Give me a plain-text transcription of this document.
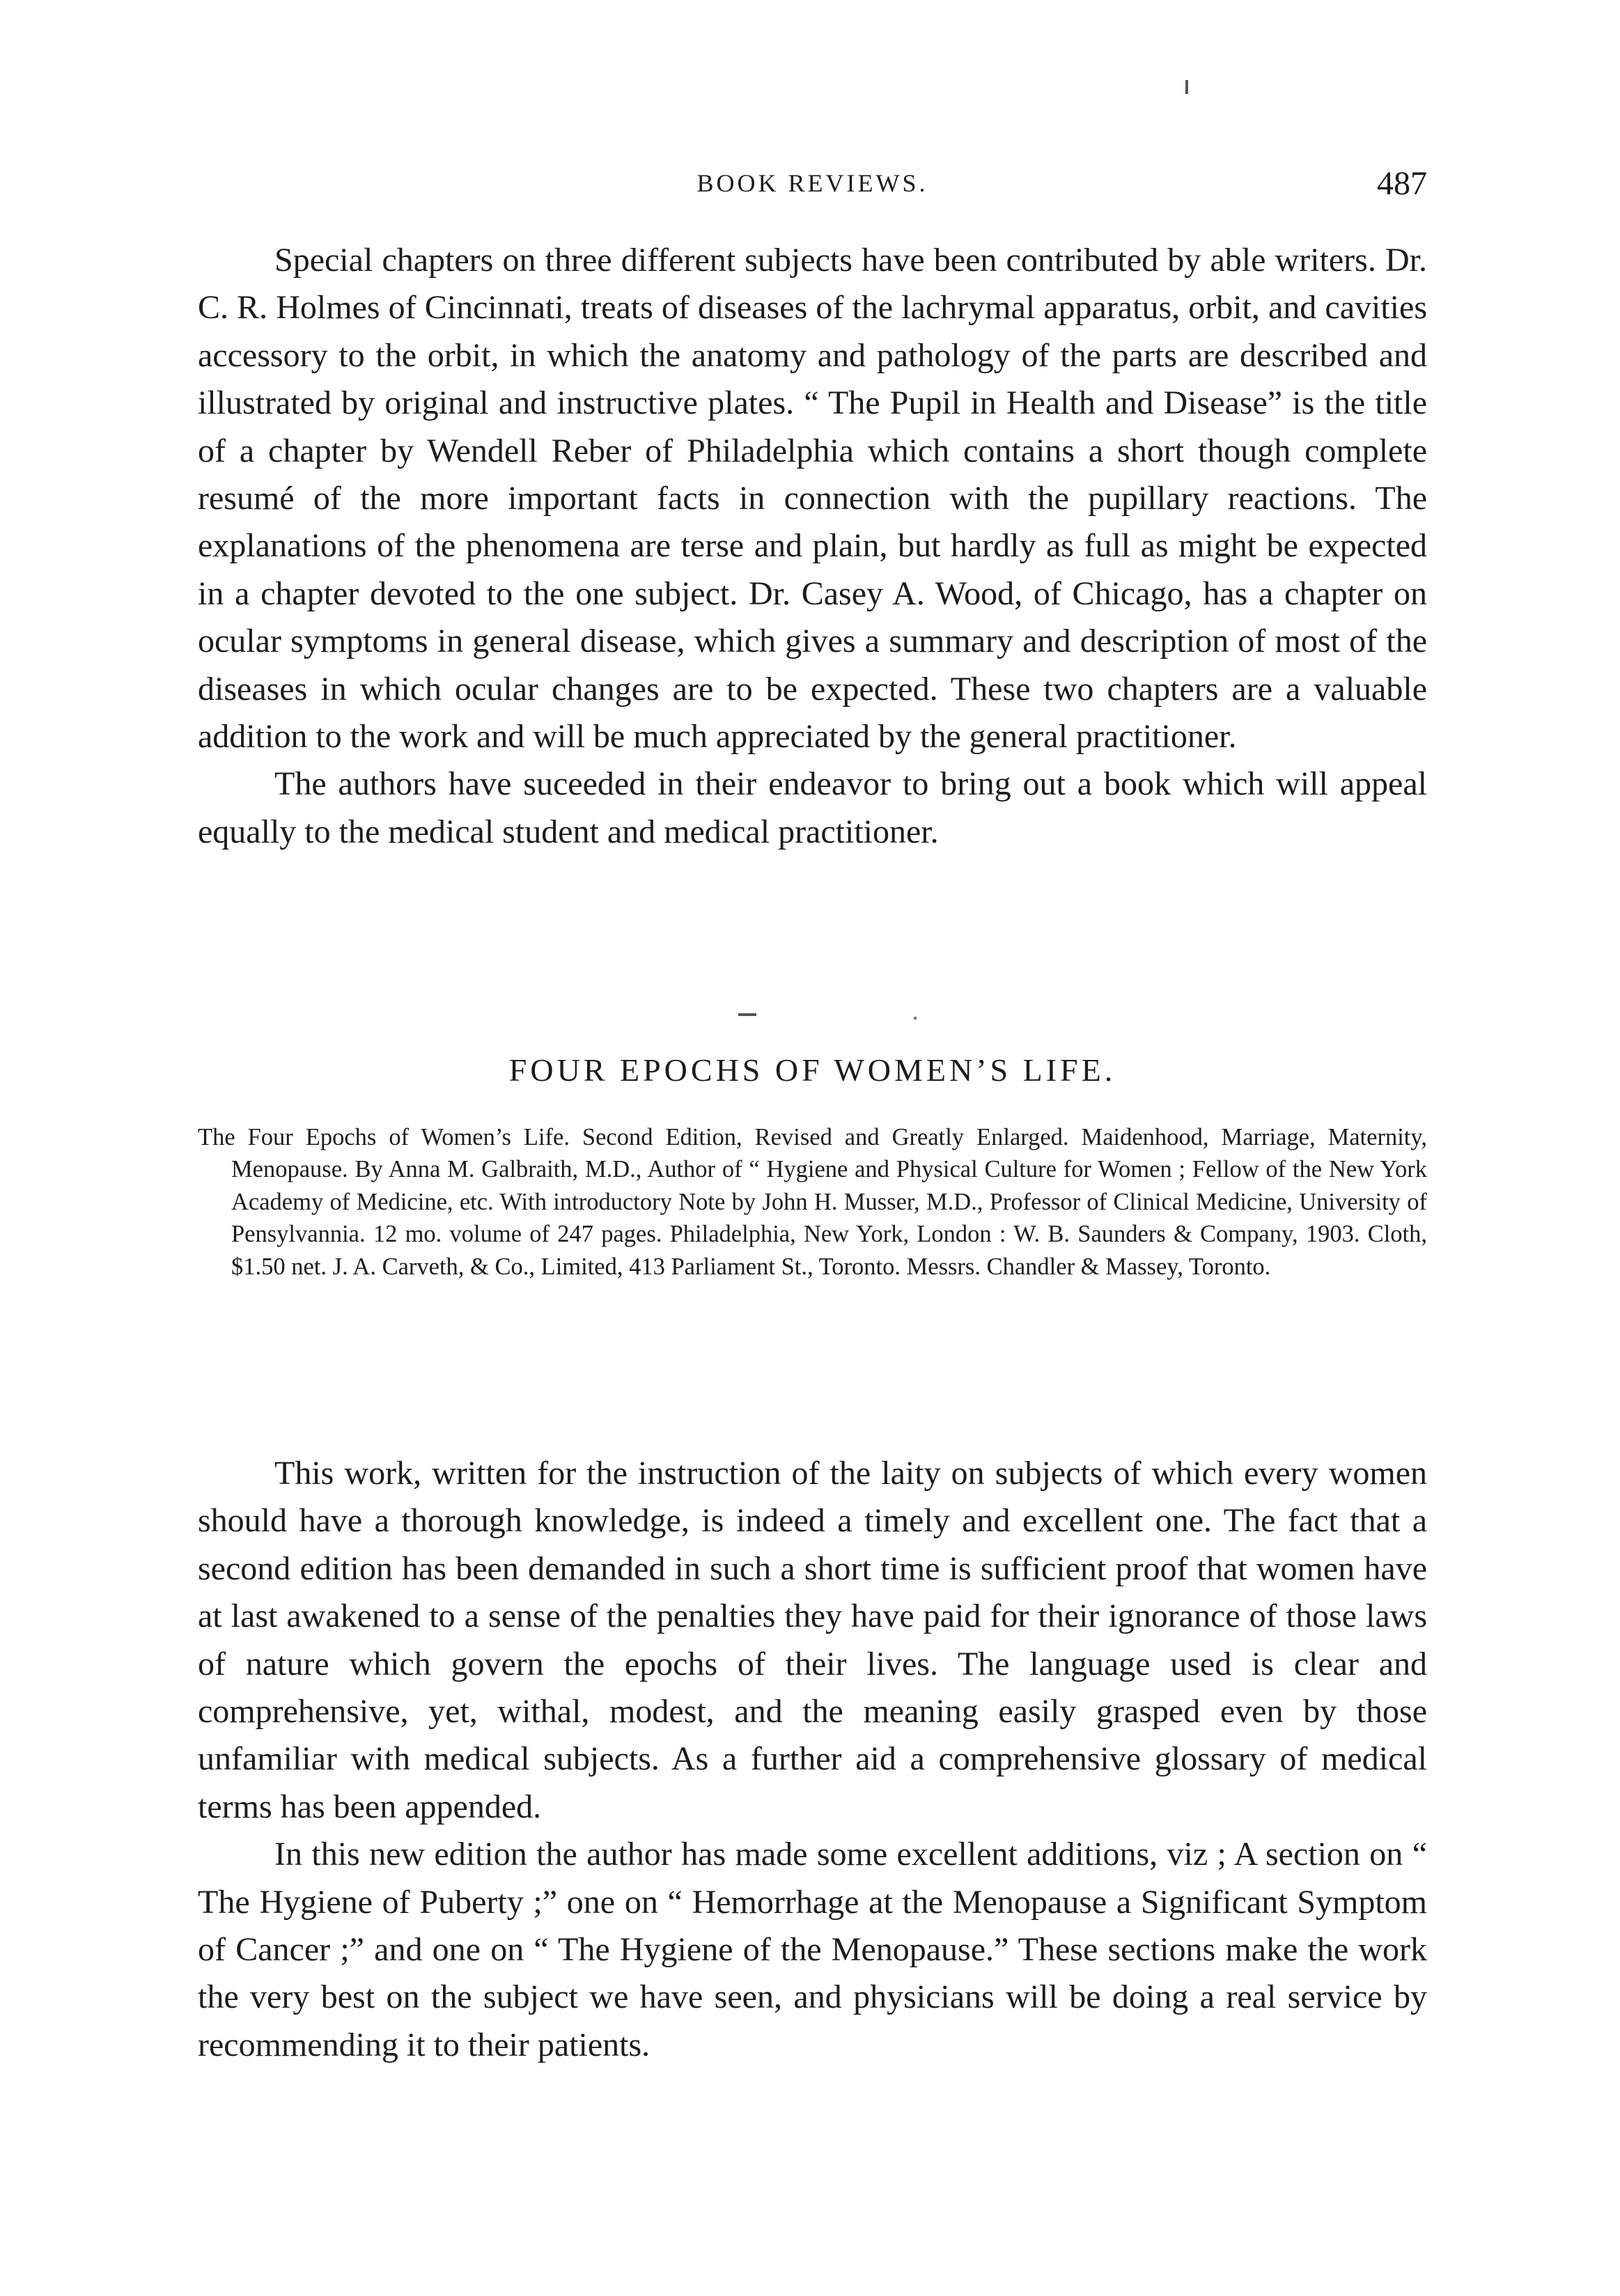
BOOK REVIEWS.	487

Special chapters on three different subjects have been contributed by able writers. Dr. C. R. Holmes of Cincinnati, treats of diseases of the lachrymal apparatus, orbit, and cavities accessory to the orbit, in which the anatomy and pathology of the parts are described and illustrated by original and instructive plates. “ The Pupil in Health and Disease” is the title of a chapter by Wendell Reber of Philadelphia which contains a short though complete resumé of the more important facts in connection with the pupillary reactions. The explanations of the phenomena are terse and plain, but hardly as full as might be expected in a chapter devoted to the one subject. Dr. Casey A. Wood, of Chicago, has a chapter on ocular symptoms in general disease, which gives a summary and description of most of the diseases in which ocular changes are to be expected. These two chapters are a valuable addition to the work and will be much appreciated by the general practitioner.

The authors have suceeded in their endeavor to bring out a book which will appeal equally to the medical student and medical practitioner.

FOUR EPOCHS OF WOMEN’S LIFE.
The Four Epochs of Women’s Life. Second Edition, Revised and Greatly Enlarged. Maidenhood, Marriage, Maternity, Menopause. By Anna M. Galbraith, M.D., Author of “ Hygiene and Physical Culture for Women ; Fellow of the New York Academy of Medicine, etc. With introductory Note by John H. Musser, M.D., Professor of Clinical Medicine, University of Pensylvannia. 12 mo. volume of 247 pages. Philadelphia, New York, London : W. B. Saunders & Company, 1903. Cloth, $1.50 net. J. A. Carveth, & Co., Limited, 413 Parliament St., Toronto. Messrs. Chandler & Massey, Toronto.

This work, written for the instruction of the laity on subjects of which every women should have a thorough knowledge, is indeed a timely and excellent one. The fact that a second edition has been demanded in such a short time is sufficient proof that women have at last awakened to a sense of the penalties they have paid for their ignorance of those laws of nature which govern the epochs of their lives. The language used is clear and comprehensive, yet, withal, modest, and the meaning easily grasped even by those unfamiliar with medical subjects. As a further aid a comprehensive glossary of medical terms has been appended.

In this new edition the author has made some excellent additions, viz ; A section on “ The Hygiene of Puberty ;” one on “ Hemorrhage at the Menopause a Significant Symptom of Cancer ;” and one on “ The Hygiene of the Menopause.” These sections make the work the very best on the subject we have seen, and physicians will be doing a real service by recommending it to their patients.
